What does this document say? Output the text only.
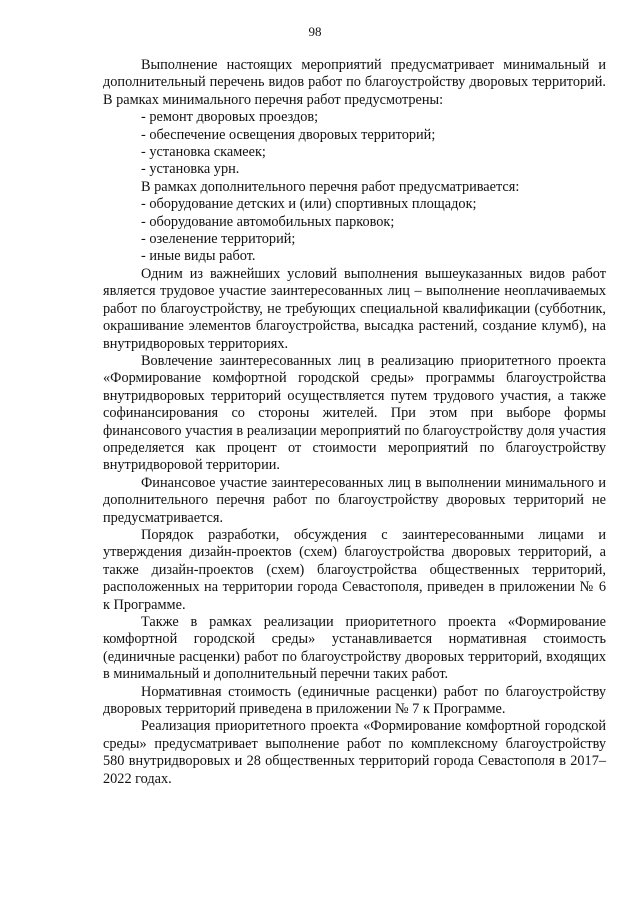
98

Выполнение настоящих мероприятий предусматривает минимальный и дополнительный перечень видов работ по благоустройству дворовых территорий. В рамках минимального перечня работ предусмотрены:

- ремонт дворовых проездов;
- обеспечение освещения дворовых территорий;
- установка скамеек;
- установка урн.
В рамках дополнительного перечня работ предусматривается:
- оборудование детских и (или) спортивных площадок;
- оборудование автомобильных парковок;
- озеленение территорий;
- иные виды работ.

Одним из важнейших условий выполнения вышеуказанных видов работ является трудовое участие заинтересованных лиц – выполнение неоплачиваемых работ по благоустройству, не требующих специальной квалификации (субботник, окрашивание элементов благоустройства, высадка растений, создание клумб), на внутридворовых территориях.

Вовлечение заинтересованных лиц в реализацию приоритетного проекта «Формирование комфортной городской среды» программы благоустройства внутридворовых территорий осуществляется путем трудового участия, а также софинансирования со стороны жителей. При этом при выборе формы финансового участия в реализации мероприятий по благоустройству доля участия определяется как процент от стоимости мероприятий по благоустройству внутридворовой территории.

Финансовое участие заинтересованных лиц в выполнении минимального и дополнительного перечня работ по благоустройству дворовых территорий не предусматривается.

Порядок разработки, обсуждения с заинтересованными лицами и утверждения дизайн-проектов (схем) благоустройства дворовых территорий, а также дизайн-проектов (схем) благоустройства общественных территорий, расположенных на территории города Севастополя, приведен в приложении № 6 к Программе.

Также в рамках реализации приоритетного проекта «Формирование комфортной городской среды» устанавливается нормативная стоимость (единичные расценки) работ по благоустройству дворовых территорий, входящих в минимальный и дополнительный перечни таких работ.

Нормативная стоимость (единичные расценки) работ по благоустройству дворовых территорий приведена в приложении № 7 к Программе.

Реализация приоритетного проекта «Формирование комфортной городской среды» предусматривает выполнение работ по комплексному благоустройству 580 внутридворовых и 28 общественных территорий города Севастополя в 2017–2022 годах.
